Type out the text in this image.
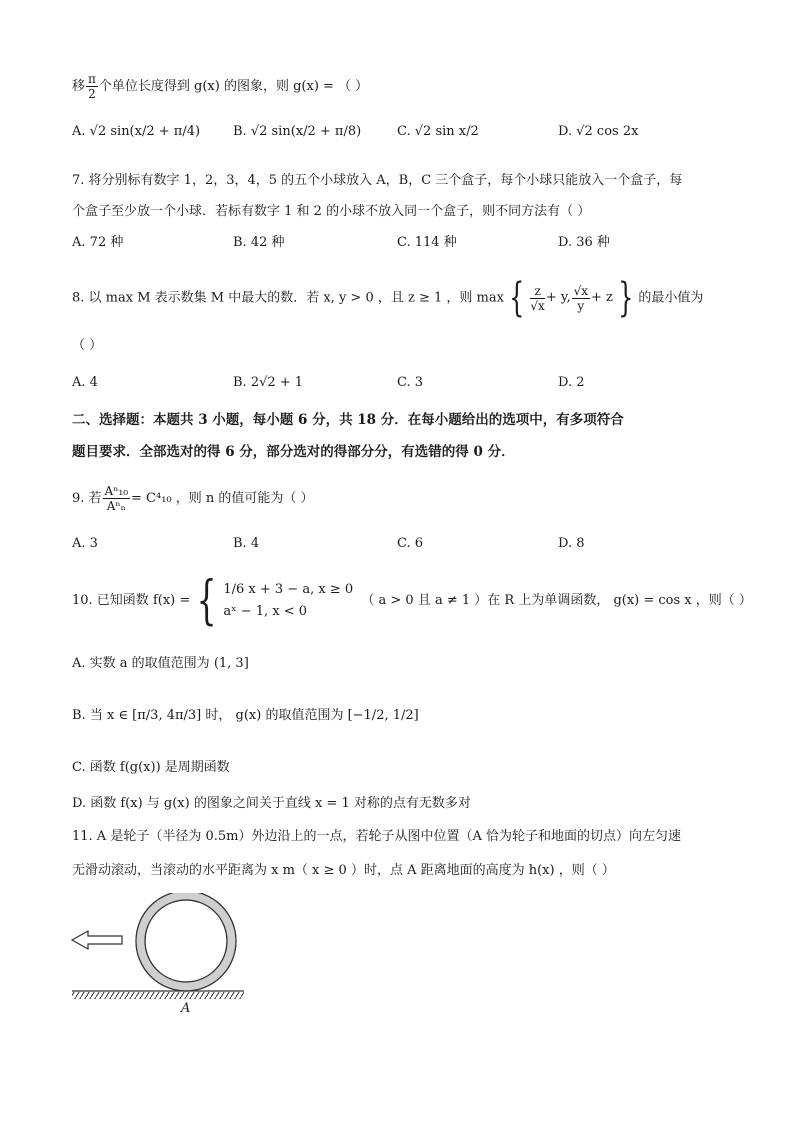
移 $\frac{\pi}{2}$ 个单位长度得到 g(x) 的图象，则 g(x) = （ ）
A. √2 sin(x/2 + π/4)	B. √2 sin(x/2 + π/8)	C. √2 sin x/2	D. √2 cos 2x
7. 将分别标有数字 1，2，3，4，5 的五个小球放入 A，B，C 三个盒子，每个小球只能放入一个盒子，每
个盒子至少放一个小球．若标有数字 1 和 2 的小球不放入同一个盒子，则不同方法有（ ）
A. 72 种	B. 42 种	C. 114 种	D. 36 种
8. 以 max M 表示数集 M 中最大的数．若 x, y > 0 ，且 z ≥ 1 ，则 max { $\frac{z}{√x} + y$, $\frac{√x}{y} + z$ } 的最小值为
（ ）
A. 4	B. 2√2 + 1	C. 3	D. 2
二、选择题：本题共 3 小题，每小题 6 分，共 18 分．在每小题给出的选项中，有多项符合
题目要求．全部选对的得 6 分，部分选对的得部分分，有选错的得 0 分．
9. 若 $\frac{\text{Aⁿ₁₀}}{\text{Aⁿₙ}} = C^4_{10}$ ，则 n 的值可能为（ ）
A. 3	B. 4	C. 6	D. 8
10. 已知函数 f(x) = { 1/6 x + 3 − a, x ≥ 0
aˣ − 1, x < 0
（ a > 0 且 a ≠ 1 ）在 R 上为单调函数， g(x) = cos x ，则（ ）
A. 实数 a 的取值范围为 (1, 3]
B. 当 x ∈ [π/3, 4π/3] 时， g(x) 的取值范围为 [−1/2, 1/2]
C. 函数 f(g(x)) 是周期函数
D. 函数 f(x) 与 g(x) 的图象之间关于直线 x = 1 对称的点有无数多对
11. A 是轮子（半径为 0.5m）外边沿上的一点，若轮子从图中位置（A 恰为轮子和地面的切点）向左匀速
无滑动滚动，当滚动的水平距离为 x m（ x ≥ 0 ）时，点 A 距离地面的高度为 h(x) ，则（ ）
A
